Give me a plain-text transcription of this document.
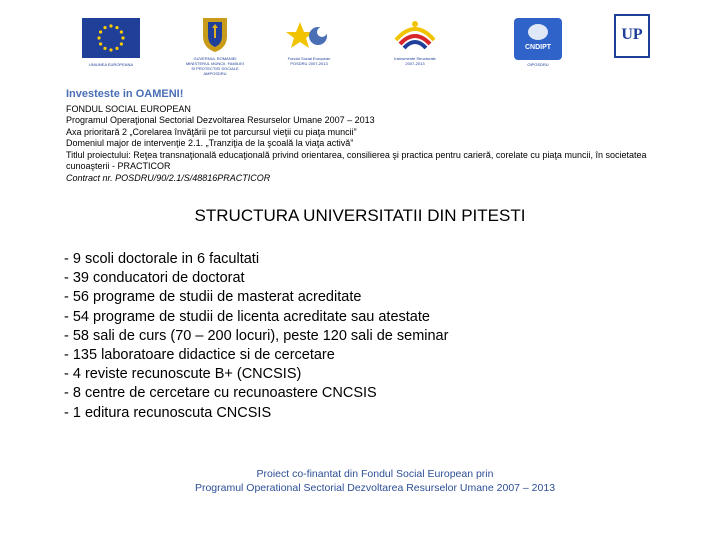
UNIUNEA EUROPEANA
GUVERNUL ROMANIEI
MINISTERUL MUNCII, FAMILIEI
SI PROTECTIEI SOCIALE
AMPOSDRU
Fondul Social European
POSDRU 2007-2013
Instrumente Structurale
2007-2013
CNDIPT
OIPOSDRU
UP
Investeste in OAMENI!
FONDUL SOCIAL EUROPEAN
Programul Operaţional Sectorial Dezvoltarea Resurselor Umane 2007 – 2013
Axa prioritară 2 „Corelarea învăţării pe tot parcursul vieţii cu piaţa muncii”
Domeniul major de intervenţie 2.1. „Tranziţia de la şcoală la viaţa activă”
Titlul proiectului: Reţea transnaţională educaţională privind orientarea, consilierea şi practica pentru carieră, corelate cu piaţa muncii, în societatea cunoaşterii - PRACTICOR
Contract nr. POSDRU/90/2.1/S/48816PRACTICOR
STRUCTURA UNIVERSITATII DIN PITESTI
- 9 scoli doctorale in 6 facultati
- 39 conducatori de doctorat
- 56 programe de studii de masterat acreditate
- 54 programe de studii de licenta acreditate sau atestate
- 58 sali de curs (70 – 200 locuri), peste 120 sali de seminar
- 135 laboratoare didactice si de cercetare
- 4 reviste recunoscute B+ (CNCSIS)
- 8 centre de cercetare cu recunoastere CNCSIS
- 1 editura recunoscuta CNCSIS
Proiect co-finantat din Fondul Social European prin
Programul Operational Sectorial Dezvoltarea Resurselor Umane 2007 – 2013
